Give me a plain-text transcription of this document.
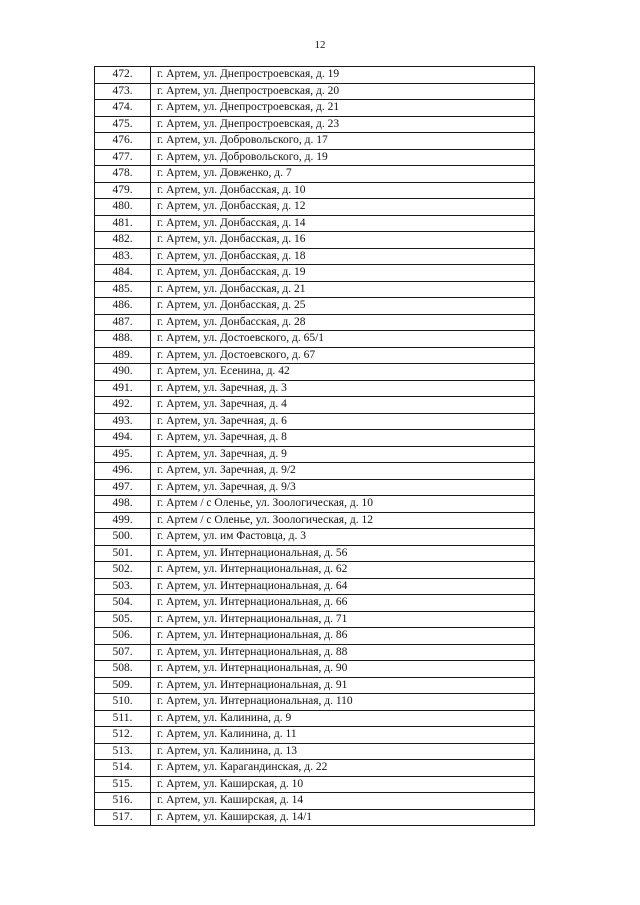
12
472.	г. Артем, ул. Днепростроевская, д. 19
473.	г. Артем, ул. Днепростроевская, д. 20
474.	г. Артем, ул. Днепростроевская, д. 21
475.	г. Артем, ул. Днепростроевская, д. 23
476.	г. Артем, ул. Добровольского, д. 17
477.	г. Артем, ул. Добровольского, д. 19
478.	г. Артем, ул. Довженко, д. 7
479.	г. Артем, ул. Донбасская, д. 10
480.	г. Артем, ул. Донбасская, д. 12
481.	г. Артем, ул. Донбасская, д. 14
482.	г. Артем, ул. Донбасская, д. 16
483.	г. Артем, ул. Донбасская, д. 18
484.	г. Артем, ул. Донбасская, д. 19
485.	г. Артем, ул. Донбасская, д. 21
486.	г. Артем, ул. Донбасская, д. 25
487.	г. Артем, ул. Донбасская, д. 28
488.	г. Артем, ул. Достоевского, д. 65/1
489.	г. Артем, ул. Достоевского, д. 67
490.	г. Артем, ул. Есенина, д. 42
491.	г. Артем, ул. Заречная, д. 3
492.	г. Артем, ул. Заречная, д. 4
493.	г. Артем, ул. Заречная, д. 6
494.	г. Артем, ул. Заречная, д. 8
495.	г. Артем, ул. Заречная, д. 9
496.	г. Артем, ул. Заречная, д. 9/2
497.	г. Артем, ул. Заречная, д. 9/3
498.	г. Артем / с Оленье, ул. Зоологическая, д. 10
499.	г. Артем / с Оленье, ул. Зоологическая, д. 12
500.	г. Артем, ул. им Фастовца, д. 3
501.	г. Артем, ул. Интернациональная, д. 56
502.	г. Артем, ул. Интернациональная, д. 62
503.	г. Артем, ул. Интернациональная, д. 64
504.	г. Артем, ул. Интернациональная, д. 66
505.	г. Артем, ул. Интернациональная, д. 71
506.	г. Артем, ул. Интернациональная, д. 86
507.	г. Артем, ул. Интернациональная, д. 88
508.	г. Артем, ул. Интернациональная, д. 90
509.	г. Артем, ул. Интернациональная, д. 91
510.	г. Артем, ул. Интернациональная, д. 110
511.	г. Артем, ул. Калинина, д. 9
512.	г. Артем, ул. Калинина, д. 11
513.	г. Артем, ул. Калинина, д. 13
514.	г. Артем, ул. Карагандинская, д. 22
515.	г. Артем, ул. Каширская, д. 10
516.	г. Артем, ул. Каширская, д. 14
517.	г. Артем, ул. Каширская, д. 14/1
